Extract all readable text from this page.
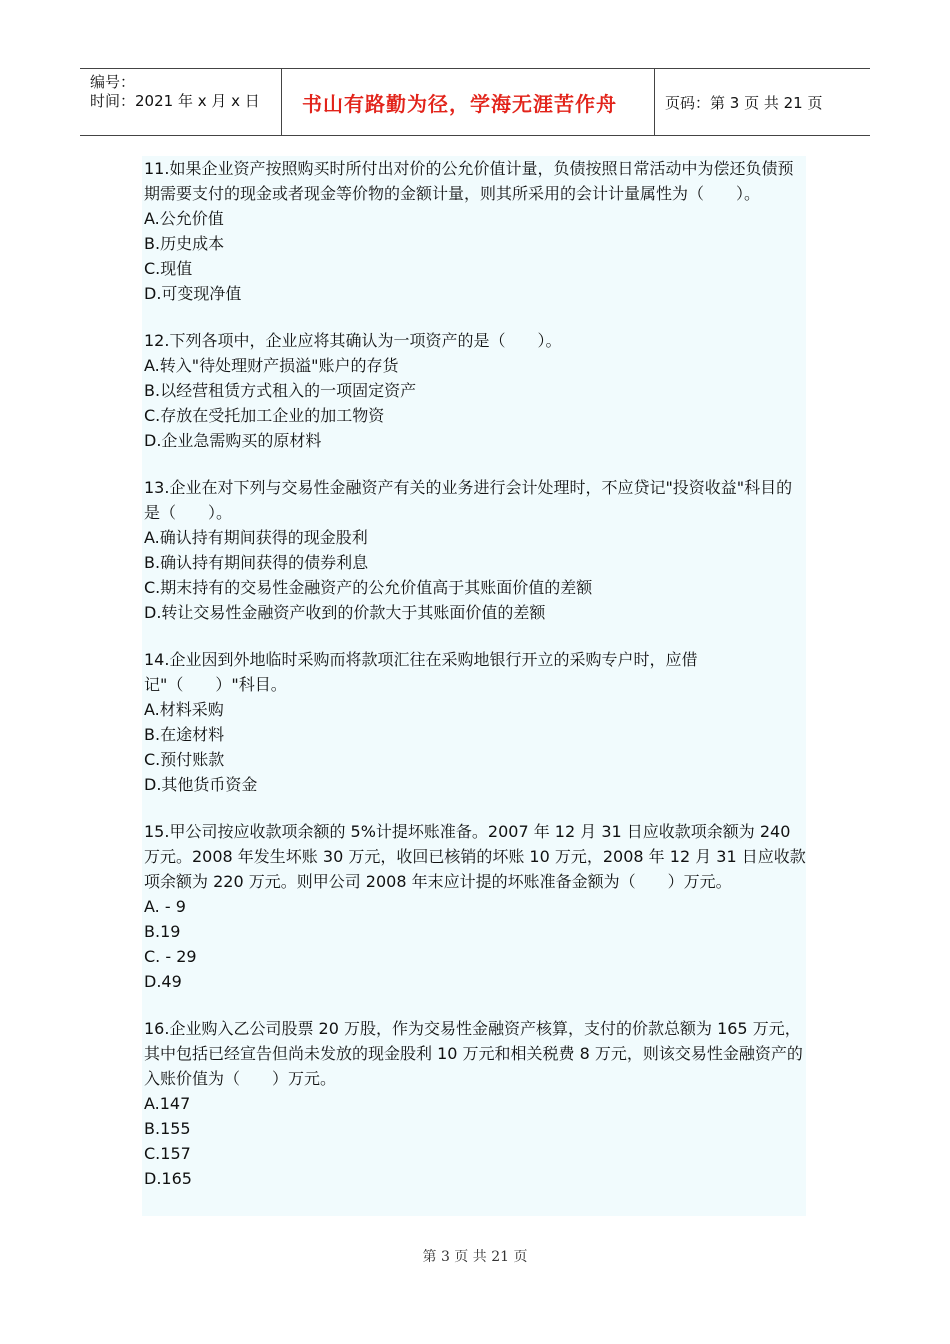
编号：
时间：2021 年 x 月 x 日	书山有路勤为径，学海无涯苦作舟	页码：第 3 页 共 21 页
11.如果企业资产按照购买时所付出对价的公允价值计量，负债按照日常活动中为偿还负债预期需要支付的现金或者现金等价物的金额计量，则其所采用的会计计量属性为（　　）。
A.公允价值
B.历史成本
C.现值
D.可变现净值
12.下列各项中，企业应将其确认为一项资产的是（　　）。
A.转入"待处理财产损溢"账户的存货
B.以经营租赁方式租入的一项固定资产
C.存放在受托加工企业的加工物资
D.企业急需购买的原材料
13.企业在对下列与交易性金融资产有关的业务进行会计处理时，不应贷记"投资收益"科目的是（　　）。
A.确认持有期间获得的现金股利
B.确认持有期间获得的债券利息
C.期末持有的交易性金融资产的公允价值高于其账面价值的差额
D.转让交易性金融资产收到的价款大于其账面价值的差额
14.企业因到外地临时采购而将款项汇往在采购地银行开立的采购专户时，应借记"（　　）"科目。
A.材料采购
B.在途材料
C.预付账款
D.其他货币资金
15.甲公司按应收款项余额的 5%计提坏账准备。2007 年 12 月 31 日应收款项余额为 240 万元。2008 年发生坏账 30 万元，收回已核销的坏账 10 万元，2008 年 12 月 31 日应收款项余额为 220 万元。则甲公司 2008 年末应计提的坏账准备金额为（　　）万元。
A. - 9
B.19
C. - 29
D.49
16.企业购入乙公司股票 20 万股，作为交易性金融资产核算，支付的价款总额为 165 万元，其中包括已经宣告但尚未发放的现金股利 10 万元和相关税费 8 万元，则该交易性金融资产的入账价值为（　　）万元。
A.147
B.155
C.157
D.165
第 3 页 共 21 页
